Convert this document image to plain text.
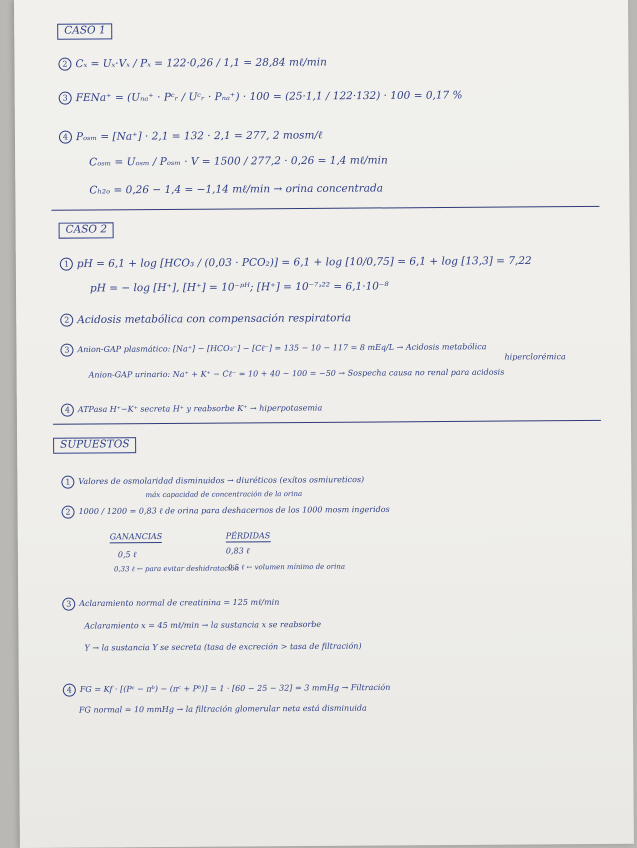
CASO 1
2 Cₓ = Uₓ·Vₓ / Pₓ = 122·0,26 / 1,1 = 28,84 mℓ/min
3 FENa⁺ = (Uₙₐ⁺ · Pᶜᵣ / Uᶜᵣ · Pₙₐ⁺) · 100 = (25·1,1 / 122·132) · 100 = 0,17 %
4 Pₒₛₘ = [Na⁺] · 2,1 = 132 · 2,1 = 277, 2 mosm/ℓ
Cₒₛₘ = Uₒₛₘ / Pₒₛₘ · V = 1500 / 277,2 · 0,26 = 1,4 mℓ/min
Cₕ₂ₒ = 0,26 − 1,4 = −1,14 mℓ/min → orina concentrada
CASO 2
1 pH = 6,1 + log [HCO₃ / (0,03 · PCO₂)] = 6,1 + log [10/0,75] = 6,1 + log [13,3] = 7,22
pH = − log [H⁺], [H⁺] = 10⁻ᵖᴴ; [H⁺] = 10⁻⁷˒²² = 6,1·10⁻⁸
2 Acidosis metabólica con compensación respiratoria
3 Anion-GAP plasmático: [Na⁺] − [HCO₃⁻] − [Cℓ⁻] = 135 − 10 − 117 = 8 mEq/L → Acidosis metabólica
hiperclorémica
Anion-GAP urinario: Na⁺ + K⁺ − Cℓ⁻ = 10 + 40 − 100 = −50 → Sospecha causa no renal para acidosis
4 ATPasa H⁺−K⁺ secreta H⁺ y reabsorbe K⁺ → hiperpotasemia
SUPUESTOS
1 Valores de osmolaridad disminuidos → diuréticos (exítos osmiureticos)
máx capacidad de concentración de la orina
2 1000 / 1200 = 0,83 ℓ de orina para deshacernos de los 1000 mosm ingeridos
GANANCIAS	PÉRDIDAS
0,5 ℓ	0,83 ℓ
0,33 ℓ ← para evitar deshidratación
0,5 ℓ ← volumen mínimo de orina
3 Aclaramiento normal de creatinina = 125 mℓ/min
Aclaramiento x = 45 mℓ/min → la sustancia x se reabsorbe
Y → la sustancia Y se secreta (tasa de excreción > tasa de filtración)
4 FG = Kf · [(Pᶜ − πᵇ) − (πᶜ + Pᵇ)] = 1 · [60 − 25 − 32] = 3 mmHg → Filtración
FG normal = 10 mmHg → la filtración glomerular neta está disminuida
